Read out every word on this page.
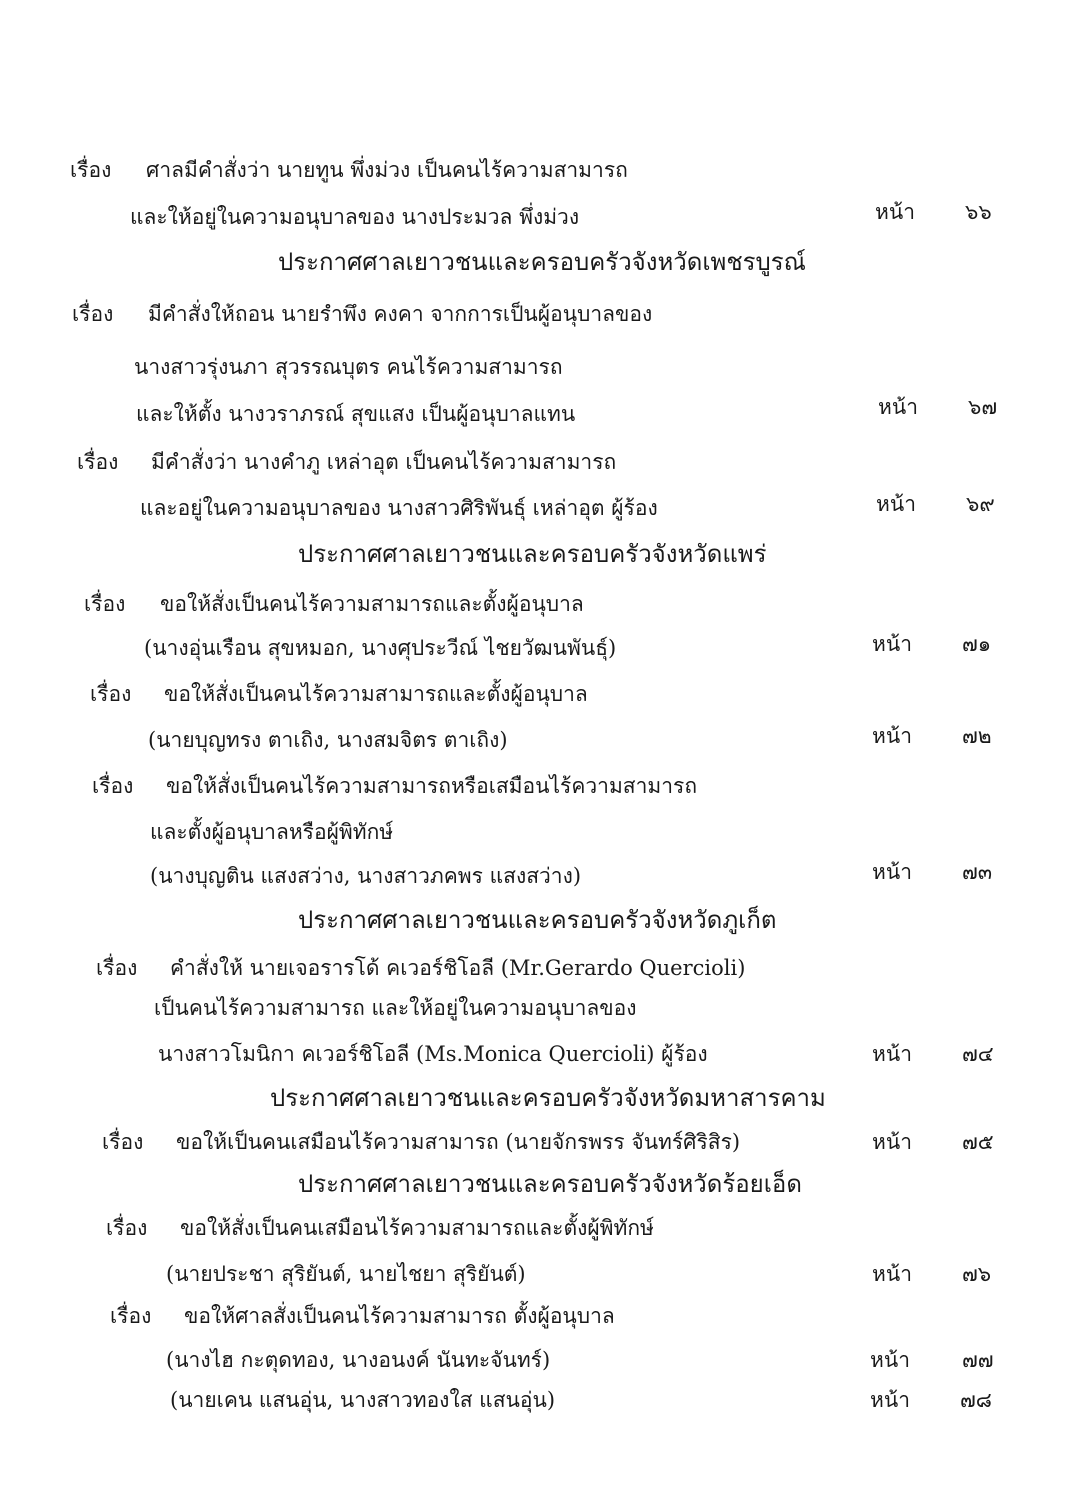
เรื่อง ศาลมีคำสั่งว่า นายทูน พึ่งม่วง เป็นคนไร้ความสามารถ
และให้อยู่ในความอนุบาลของ นางประมวล พึ่งม่วง	หน้า ๖๖
ประกาศศาลเยาวชนและครอบครัวจังหวัดเพชรบูรณ์
เรื่อง มีคำสั่งให้ถอน นายรำพึง คงคา จากการเป็นผู้อนุบาลของ
นางสาวรุ่งนภา สุวรรณบุตร คนไร้ความสามารถ
และให้ตั้ง นางวราภรณ์ สุขแสง เป็นผู้อนุบาลแทน	หน้า ๖๗
เรื่อง มีคำสั่งว่า นางคำภู เหล่าอุต เป็นคนไร้ความสามารถ
และอยู่ในความอนุบาลของ นางสาวศิริพันธุ์ เหล่าอุต ผู้ร้อง	หน้า ๖๙
ประกาศศาลเยาวชนและครอบครัวจังหวัดแพร่
เรื่อง ขอให้สั่งเป็นคนไร้ความสามารถและตั้งผู้อนุบาล
(นางอุ่นเรือน สุขหมอก, นางศุประวีณ์ ไชยวัฒนพันธุ์)	หน้า ๗๑
เรื่อง ขอให้สั่งเป็นคนไร้ความสามารถและตั้งผู้อนุบาล
(นายบุญทรง ตาเถิง, นางสมจิตร ตาเถิง)	หน้า ๗๒
เรื่อง ขอให้สั่งเป็นคนไร้ความสามารถหรือเสมือนไร้ความสามารถ
และตั้งผู้อนุบาลหรือผู้พิทักษ์
(นางบุญติน แสงสว่าง, นางสาวภคพร แสงสว่าง)	หน้า ๗๓
ประกาศศาลเยาวชนและครอบครัวจังหวัดภูเก็ต
เรื่อง คำสั่งให้ นายเจอรารโด้ คเวอร์ชิโอลี (Mr.Gerardo Quercioli)
เป็นคนไร้ความสามารถ และให้อยู่ในความอนุบาลของ
นางสาวโมนิกา คเวอร์ชิโอลี (Ms.Monica Quercioli) ผู้ร้อง	หน้า ๗๔
ประกาศศาลเยาวชนและครอบครัวจังหวัดมหาสารคาม
เรื่อง ขอให้เป็นคนเสมือนไร้ความสามารถ (นายจักรพรร จันทร์ศิริสิร)	หน้า ๗๕
ประกาศศาลเยาวชนและครอบครัวจังหวัดร้อยเอ็ด
เรื่อง ขอให้สั่งเป็นคนเสมือนไร้ความสามารถและตั้งผู้พิทักษ์
(นายประชา สุริยันต์, นายไชยา สุริยันต์)	หน้า ๗๖
เรื่อง ขอให้ศาลสั่งเป็นคนไร้ความสามารถ ตั้งผู้อนุบาล
(นางไฮ กะตุดทอง, นางอนงค์ นันทะจันทร์)	หน้า ๗๗
(นายเคน แสนอุ่น, นางสาวทองใส แสนอุ่น)	หน้า ๗๘
